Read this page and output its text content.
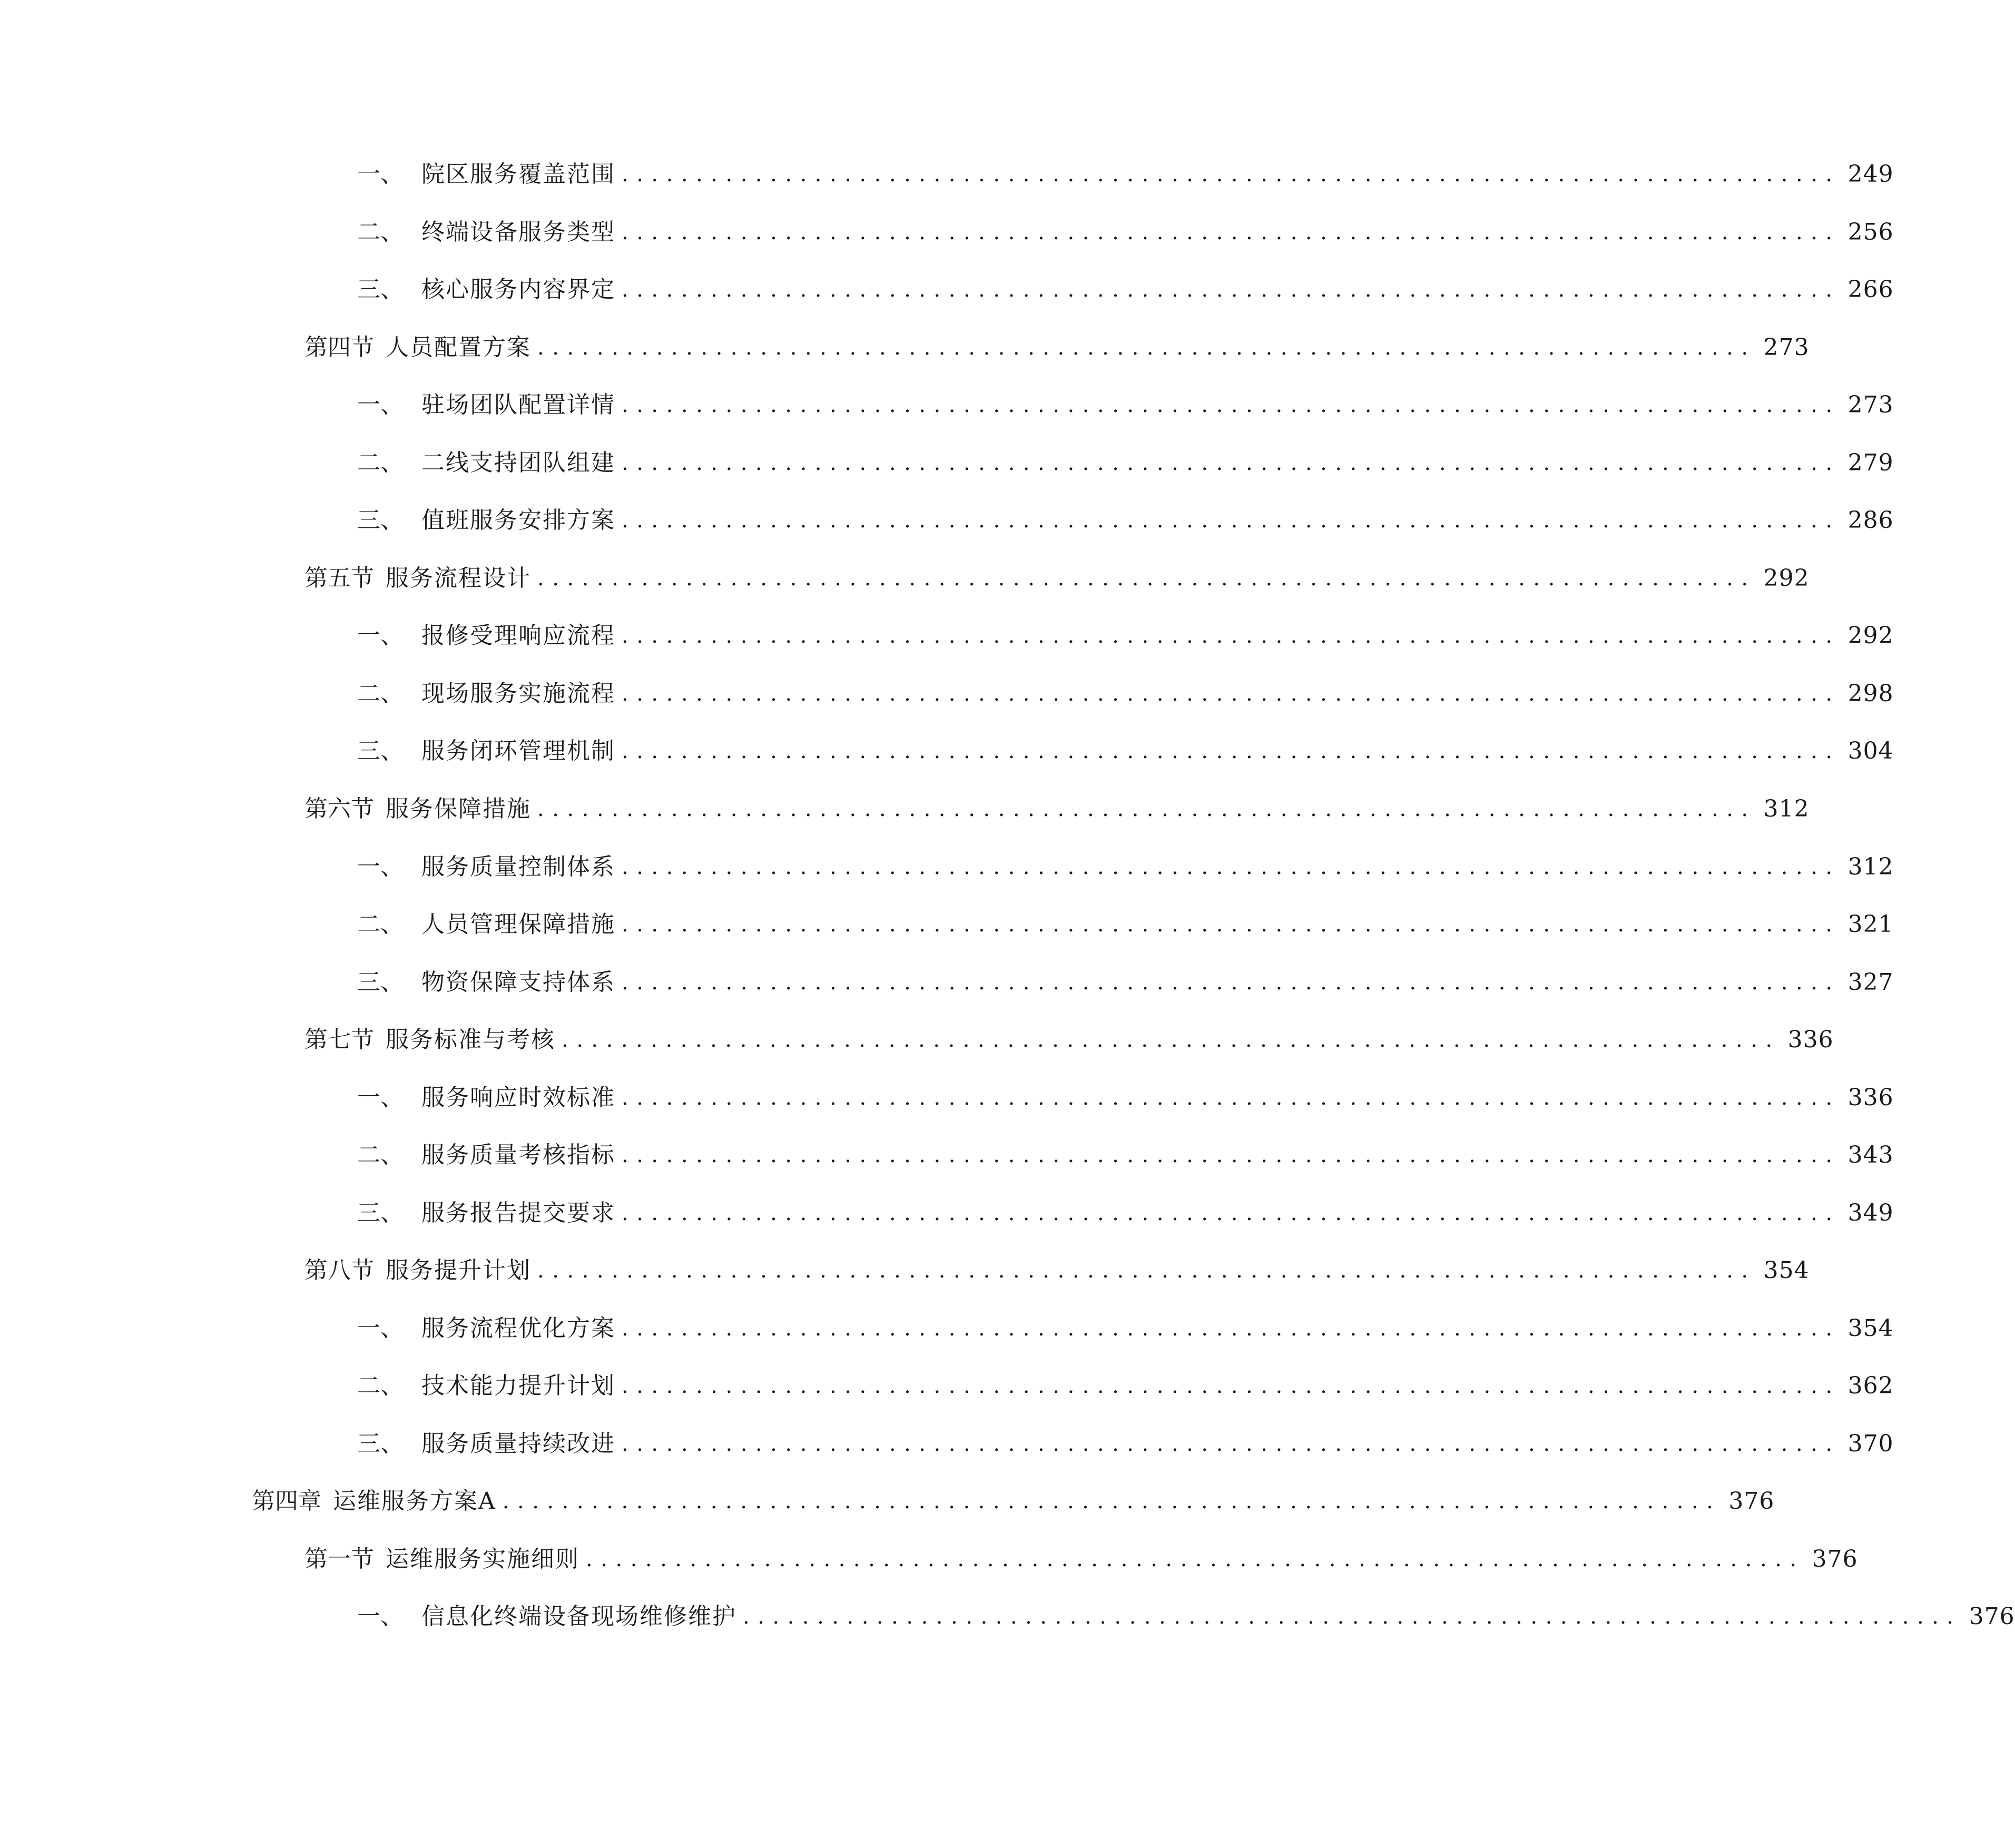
一、 院区服务覆盖范围 .................................................................................. 249
二、 终端设备服务类型 .................................................................................. 256
三、 核心服务内容界定 .................................................................................. 266
第四节 人员配置方案 .................................................................................. 273
一、 驻场团队配置详情 .................................................................................. 273
二、 二线支持团队组建 .................................................................................. 279
三、 值班服务安排方案 .................................................................................. 286
第五节 服务流程设计 .................................................................................. 292
一、 报修受理响应流程 .................................................................................. 292
二、 现场服务实施流程 .................................................................................. 298
三、 服务闭环管理机制 .................................................................................. 304
第六节 服务保障措施 .................................................................................. 312
一、 服务质量控制体系 .................................................................................. 312
二、 人员管理保障措施 .................................................................................. 321
三、 物资保障支持体系 .................................................................................. 327
第七节 服务标准与考核 .................................................................................. 336
一、 服务响应时效标准 .................................................................................. 336
二、 服务质量考核指标 .................................................................................. 343
三、 服务报告提交要求 .................................................................................. 349
第八节 服务提升计划 .................................................................................. 354
一、 服务流程优化方案 .................................................................................. 354
二、 技术能力提升计划 .................................................................................. 362
三、 服务质量持续改进 .................................................................................. 370
第四章 运维服务方案A .................................................................................. 376
第一节 运维服务实施细则 .................................................................................. 376
一、 信息化终端设备现场维修维护 .................................................................................. 376
